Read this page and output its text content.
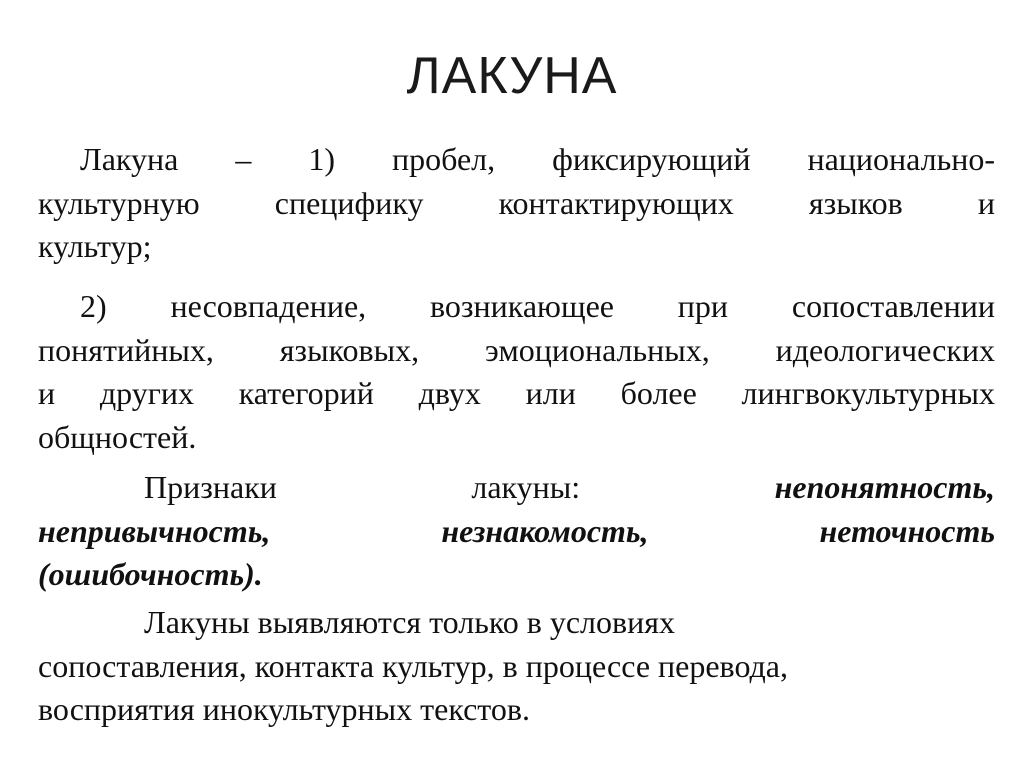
ЛАКУНА
Лакуна – 1) пробел, фиксирующий национально-
культурную специфику контактирующих языков и
культур;
2) несовпадение, возникающее при сопоставлении
понятийных, языковых, эмоциональных, идеологических
и других категорий двух или более лингвокультурных
общностей.
Признаки лакуны:	непонятность,
непривычность,	незнакомость,	неточность
(ошибочность).
Лакуны выявляются только в условиях
сопоставления, контакта культур, в процессе перевода,
восприятия инокультурных текстов.
